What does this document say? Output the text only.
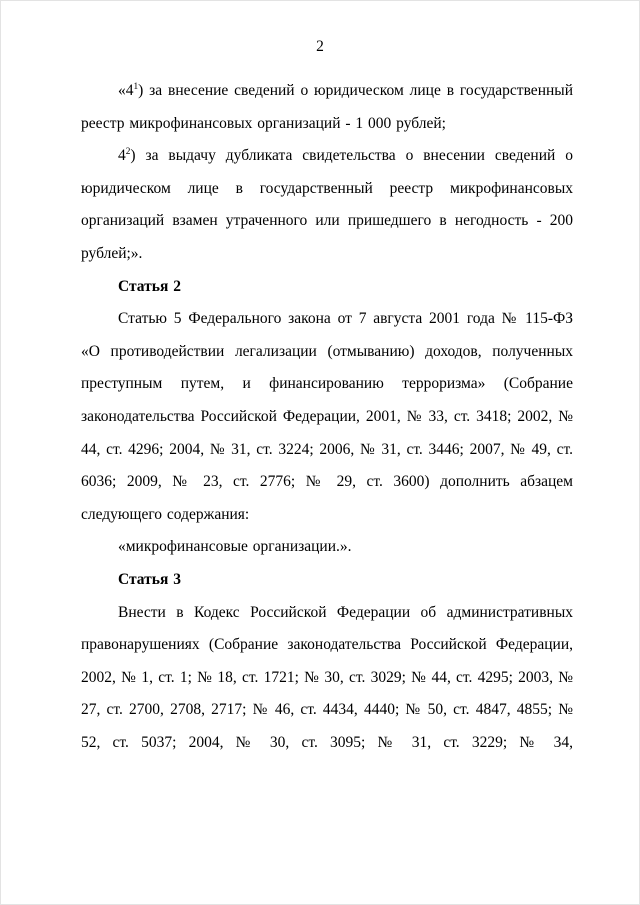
2

«$4^1$) за внесение сведений о юридическом лице в государственный реестр микрофинансовых организаций - 1 000 рублей;

$4^2$) за выдачу дубликата свидетельства о внесении сведений о юридическом лице в государственный реестр микрофинансовых организаций взамен утраченного или пришедшего в негодность - 200 рублей;».

Статья 2

Статью 5 Федерального закона от 7 августа 2001 года № 115-ФЗ «О противодействии легализации (отмыванию) доходов, полученных преступным путем, и финансированию терроризма» (Собрание законодательства Российской Федерации, 2001, № 33, ст. 3418; 2002, № 44, ст. 4296; 2004, № 31, ст. 3224; 2006, № 31, ст. 3446; 2007, № 49, ст. 6036; 2009, № 23, ст. 2776; № 29, ст. 3600) дополнить абзацем следующего содержания:

«микрофинансовые организации.».

Статья 3

Внести в Кодекс Российской Федерации об административных правонарушениях (Собрание законодательства Российской Федерации, 2002, № 1, ст. 1; № 18, ст. 1721; № 30, ст. 3029; № 44, ст. 4295; 2003, № 27, ст. 2700, 2708, 2717; № 46, ст. 4434, 4440; № 50, ст. 4847, 4855; № 52, ст. 5037; 2004, № 30, ст. 3095; № 31, ст. 3229; № 34,
